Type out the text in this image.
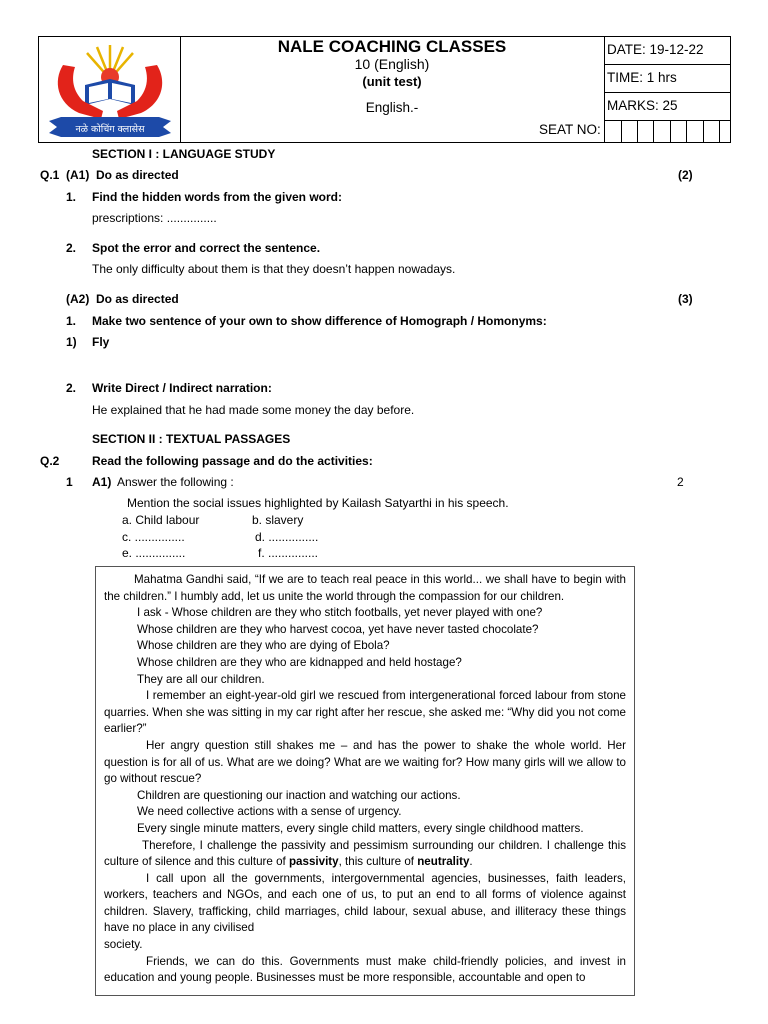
नळे कोचिंग क्लासेस
NALE COACHING CLASSES
10 (English)
(unit test)
English.-
SEAT NO:
DATE: 19-12-22
TIME: 1 hrs
MARKS: 25
SECTION I : LANGUAGE STUDY
Q.1 (A1) Do as directed	(2)
1. Find the hidden words from the given word:
prescriptions: ...............
2. Spot the error and correct the sentence.
The only difficulty about them is that they doesn’t happen nowadays.
(A2) Do as directed	(3)
1. Make two sentence of your own to show difference of Homograph / Homonyms:
1) Fly
2. Write Direct / Indirect narration:
He explained that he had made some money the day before.
SECTION II : TEXTUAL PASSAGES
Q.2	Read the following passage and do the activities:
1 A1) Answer the following :	2
Mention the social issues highlighted by Kailash Satyarthi in his speech.
a. Child labour	b. slavery
c. ...............	d. ...............
e. ...............	f. ...............

Mahatma Gandhi said, “If we are to teach real peace in this world... we shall have to begin with the children.” I humbly add, let us unite the world through the compassion for our children.

I ask - Whose children are they who stitch footballs, yet never played with one?

Whose children are they who harvest cocoa, yet have never tasted chocolate?

Whose children are they who are dying of Ebola?

Whose children are they who are kidnapped and held hostage?

They are all our children.

I remember an eight-year-old girl we rescued from intergenerational forced labour from stone quarries. When she was sitting in my car right after her rescue, she asked me: “Why did you not come earlier?”

Her angry question still shakes me – and has the power to shake the whole world. Her question is for all of us. What are we doing? What are we waiting for? How many girls will we allow to go without rescue?

Children are questioning our inaction and watching our actions.

We need collective actions with a sense of urgency.

Every single minute matters, every single child matters, every single childhood matters.

Therefore, I challenge the passivity and pessimism surrounding our children. I challenge this culture of silence and this culture of passivity, this culture of neutrality.

I call upon all the governments, intergovernmental agencies, businesses, faith leaders, workers, teachers and NGOs, and each one of us, to put an end to all forms of violence against children. Slavery, trafficking, child marriages, child labour, sexual abuse, and illiteracy these things have no place in any civilised

society.

Friends, we can do this. Governments must make child-friendly policies, and invest in education and young people. Businesses must be more responsible, accountable and open to
